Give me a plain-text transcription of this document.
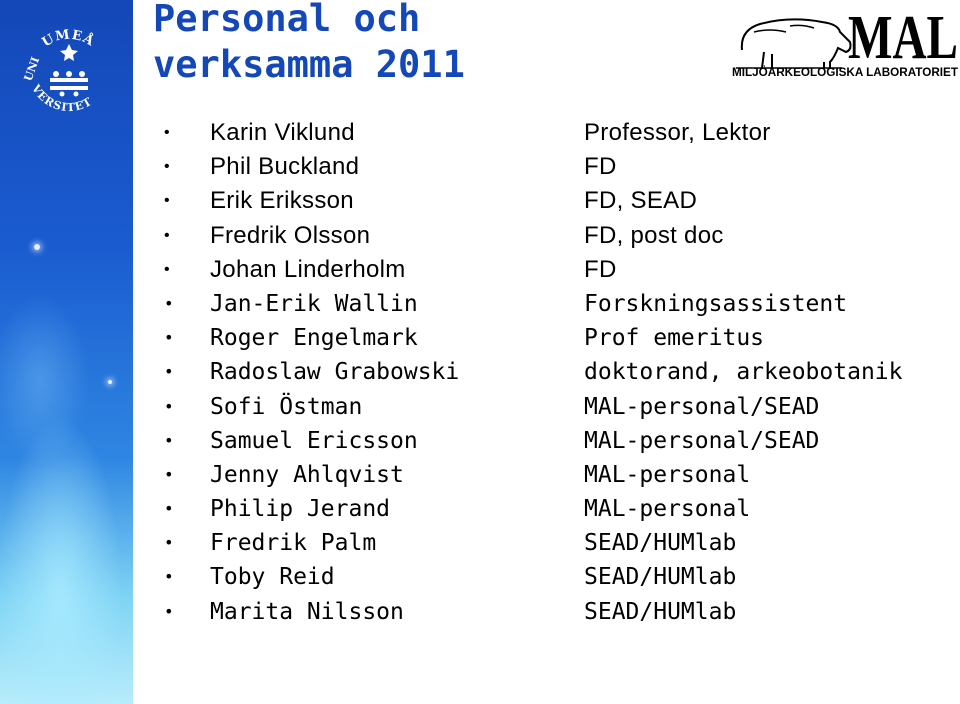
UMEÅ
VERSITET
UNI
Personal och
verksamma 2011	MAL
MILJÖARKEOLOGISKA LABORATORIET
• Karin Viklund	Professor, Lektor
• Phil Buckland	FD
• Erik Eriksson	FD, SEAD
• Fredrik Olsson	FD, post doc
• Johan Linderholm	FD
• Jan-Erik Wallin	Forskningsassistent
• Roger Engelmark	Prof emeritus
• Radoslaw Grabowski	doktorand, arkeobotanik
• Sofi Östman	MAL-personal/SEAD
• Samuel Ericsson	MAL-personal/SEAD
• Jenny Ahlqvist	MAL-personal
• Philip Jerand	MAL-personal
• Fredrik Palm	SEAD/HUMlab
• Toby Reid	SEAD/HUMlab
• Marita Nilsson	SEAD/HUMlab
